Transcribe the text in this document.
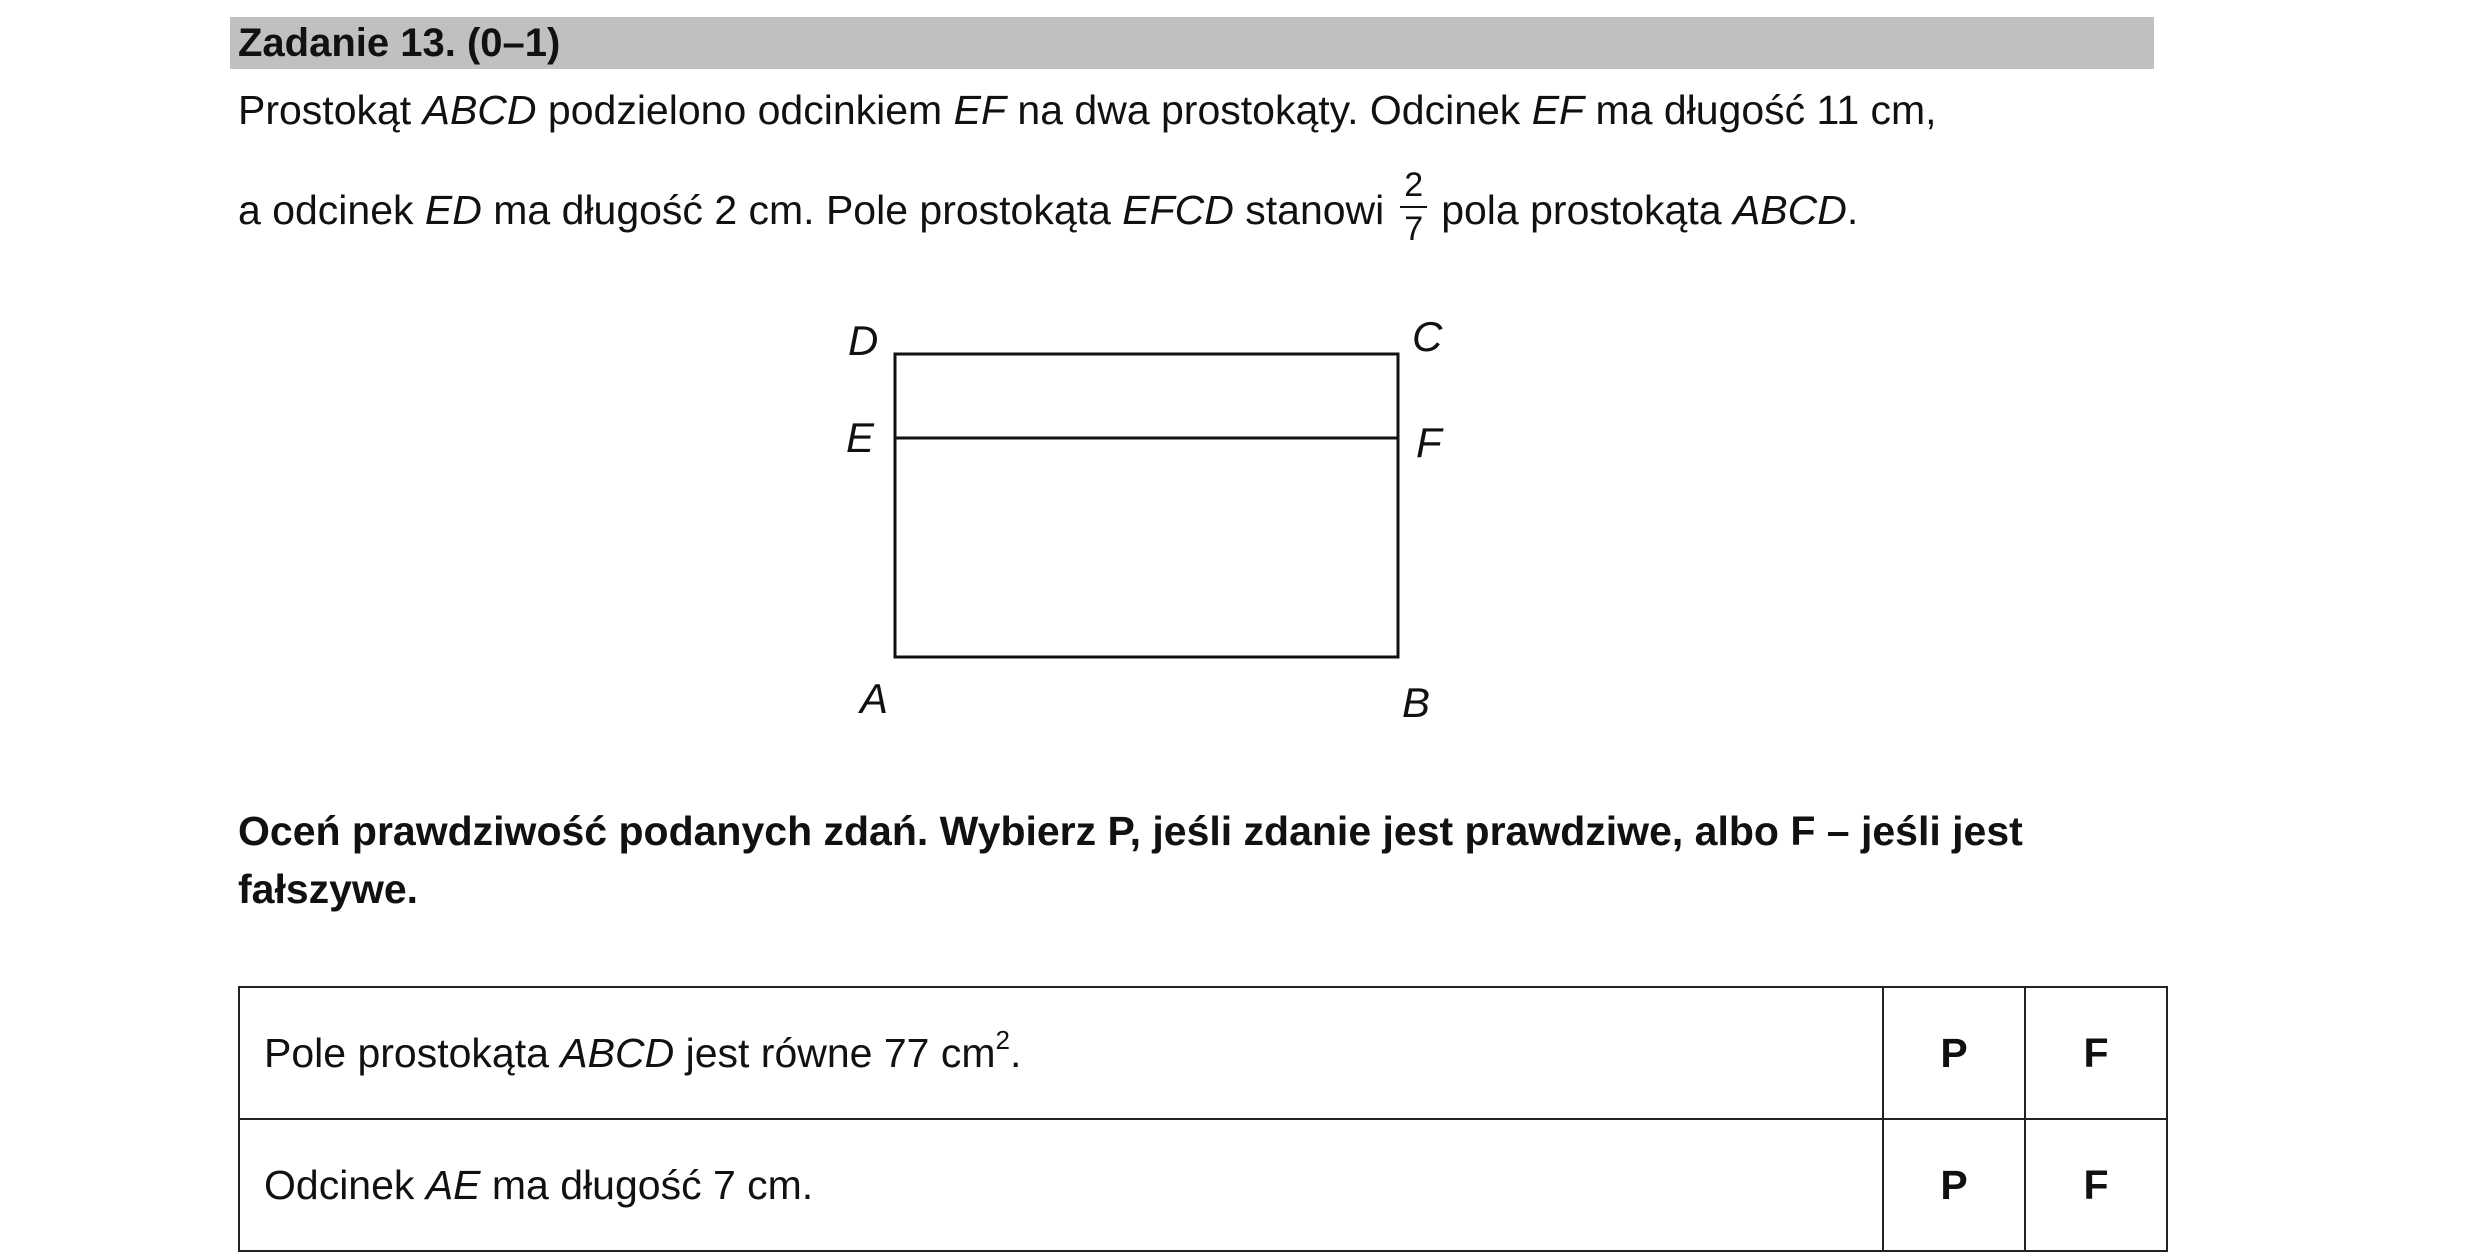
Zadanie 13. (0–1)
Prostokąt ABCD podzielono odcinkiem EF na dwa prostokąty. Odcinek EF ma długość 11 cm,
a odcinek ED ma długość 2 cm. Pole prostokąta EFCD stanowi $\frac{2}{7}$ pola prostokąta ABCD.
D	C
E	F
A	B
Oceń prawdziwość podanych zdań. Wybierz P, jeśli zdanie jest prawdziwe, albo F – jeśli jest fałszywe.
Pole prostokąta ABCD jest równe 77 $cm^2$.	P	F
Odcinek AE ma długość 7 cm.	P	F
